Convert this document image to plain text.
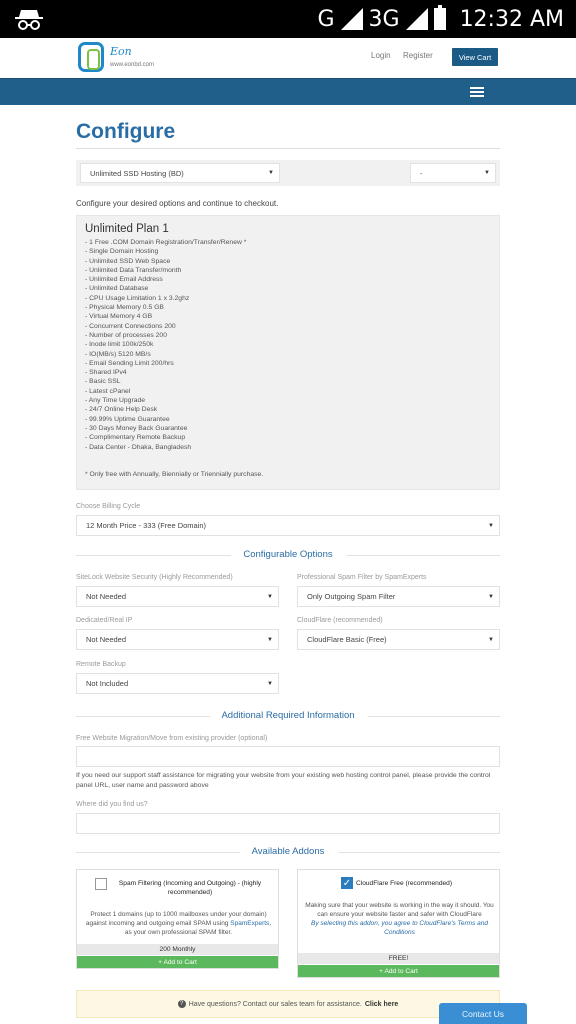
G 3G	12:32 AM
Eon
www.eonbd.com
Login Register	View Cart
Configure
Unlimited SSD Hosting (BD)	▼	-	▼
Configure your desired options and continue to checkout.
Unlimited Plan 1
- 1 Free .COM Domain Registration/Transfer/Renew *
- Single Domain Hosting
- Unlimited SSD Web Space
- Unlimited Data Transfer/month
- Unlimited Email Address
- Unlimited Database
- CPU Usage Limitation 1 x 3.2ghz
- Physical Memory 0.5 GB
- Virtual Memory 4 GB
- Concurrent Connections 200
- Number of processes 200
- Inode limit 100k/250k
- IO(MB/s) 5120 MB/s
- Email Sending Limit 200/hrs
- Shared IPv4
- Basic SSL
- Latest cPanel
- Any Time Upgrade
- 24/7 Online Help Desk
- 99.99% Uptime Guarantee
- 30 Days Money Back Guarantee
- Complimentary Remote Backup
- Data Center - Dhaka, Bangladesh
* Only free with Annually, Biennially or Triennially purchase.
Choose Billing Cycle
12 Month Price - 333 (Free Domain)	▼
Configurable Options
SiteLock Website Security (Highly Recommended)
Not Needed	▼
Professional Spam Filter by SpamExperts
Only Outgoing Spam Filter	▼
Dedicated/Real IP
Not Needed	▼
CloudFlare (recommended)
CloudFlare Basic (Free)	▼
Remote Backup
Not Included	▼
Additional Required Information
Free Website Migration/Move from existing provider (optional)
If you need our support staff assistance for migrating your website from your existing web hosting control panel, please provide the control panel URL, user name and password above
Where did you find us?
Available Addons
Spam Filtering (Incoming and Outgoing) - (highly recommended)
Protect 1 domains (up to 1000 mailboxes under your domain) against incoming and outgoing email SPAM using SpamExperts, as your own professional SPAM filter.
200 Monthly
+ Add to Cart
✓ CloudFlare Free (recommended)
Making sure that your website is working in the way it should. You can ensure your website faster and safer with CloudFlare
By selecting this addon, you agree to CloudFlare's Terms and Conditions
FREE!
+ Add to Cart
? Have questions? Contact our sales team for assistance. Click here
Contact Us
